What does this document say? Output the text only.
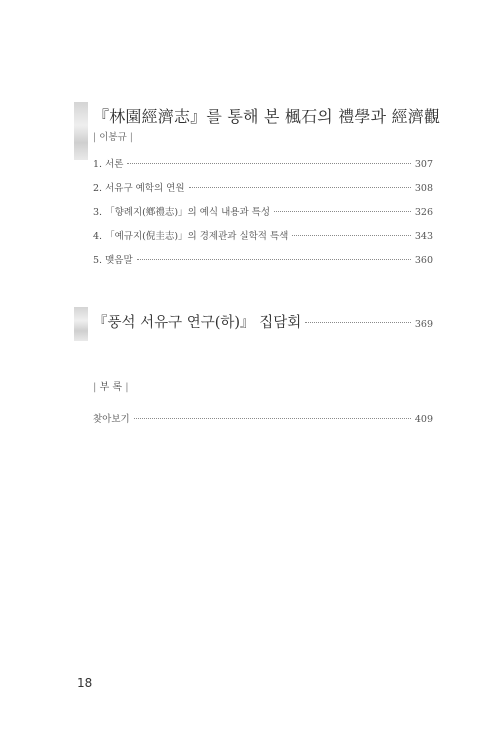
『林園經濟志』를 통해 본 楓石의 禮學과 經濟觀
| 이봉규 |
1. 서론	307
2. 서유구 예학의 연원	308
3. 「향례지(鄕禮志)」의 예식 내용과 특성	326
4. 「예규지(倪圭志)」의 경제관과 실학적 특색	343
5. 맺음말	360
『풍석 서유구 연구(하)』 집담회	369
| 부 록 |
찾아보기	409
18
